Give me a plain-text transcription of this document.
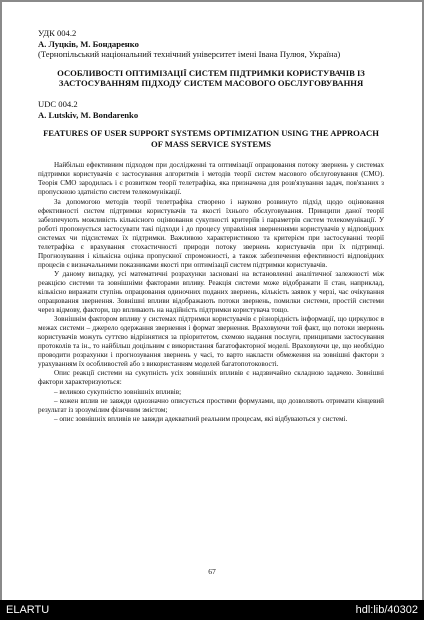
УДК 004.2
А. Луцків, М. Бондаренко
(Тернопільський національний технічний університет імені Івана Пулюя, Україна)
ОСОБЛИВОСТІ ОПТИМІЗАЦІЇ СИСТЕМ ПІДТРИМКИ КОРИСТУВАЧІВ ІЗ ЗАСТОСУВАННЯМ ПІДХОДУ СИСТЕМ МАСОВОГО ОБСЛУГОВУВАННЯ
UDC 004.2
A. Lutskiv, M. Bondarenko
FEATURES OF USER SUPPORT SYSTEMS OPTIMIZATION USING THE APPROACH OF MASS SERVICE SYSTEMS

Найбільш ефективним підходом при дослідженні та оптимізації опрацювання потоку звернень у системах підтримки користувачів є застосування алгоритмів і методів теорії систем масового обслуговування (СМО). Теорія СМО зародилась і є розвитком теорії телетрафіка, яка призначена для розв'язування задач, пов'язаних з пропускною здатністю систем телекомунікації.

За допомогою методів теорії телетрафіка створено і науково розвинуто підхід щодо оцінювання ефективності систем підтримки користувачів та якості їхнього обслуговування. Принципи даної теорії забезпечують можливість кількісного оцінювання сукупності критеріїв і параметрів систем телекомунікації. У роботі пропонується застосувати такі підходи і до процесу управління зверненнями користувачів у відповідних системах чи підсистемах їх підтримки. Важливою характеристикою та критерієм при застосуванні теорії телетрафіка є врахування стохастичності природи потоку звернень користувачів при їх підтримці. Прогнозування і кількісна оцінка пропускної спроможності, а також забезпечення ефективності відповідних процесів є визначальними показниками якості при оптимізації систем підтримки користувачів.

У даному випадку, усі математичні розрахунки засновані на встановленні аналітичної залежності між реакцією системи та зовнішніми факторами впливу. Реакція системи може відображати її стан, наприклад, кількісно виражати ступінь опрацювання одиночних поданих звернень, кількість заявок у черзі, час очікування опрацювання звернення. Зовнішні впливи відображають потоки звернень, помилки системи, простій системи через відмову, фактори, що впливають на надійність підтримки користувача тощо.

Зовнішнім фактором впливу у системах підтримки користувачів є різнорідність інформації, що циркулює в межах системи – джерело одержання звернення і формат звернення. Враховуючи той факт, що потоки звернень користувачів можуть суттєво відрізнятися за пріоритетом, схемою надання послуги, принципами застосування протоколів та ін., то найбільш доцільним є використання багатофакторної моделі. Враховуючи це, що необхідно проводити розрахунки і прогнозування звернень у часі, то варто накласти обмеження на зовнішні фактори з урахуванням їх особливостей або з використанням моделей багатопотоковості.

Опис реакції системи на сукупність усіх зовнішніх впливів є надзвичайно складною задачею. Зовнішні фактори характеризуються:

– великою сукупністю зовнішніх впливів;

– кожен вплив не завжди однозначно описується простими формулами, що дозволяють отримати кінцевий результат із зрозумілим фізичним змістом;

– опис зовнішніх впливів не завжди адекватний реальним процесам, які відбуваються у системі.

67
ELARTU	hdl:lib/40302
